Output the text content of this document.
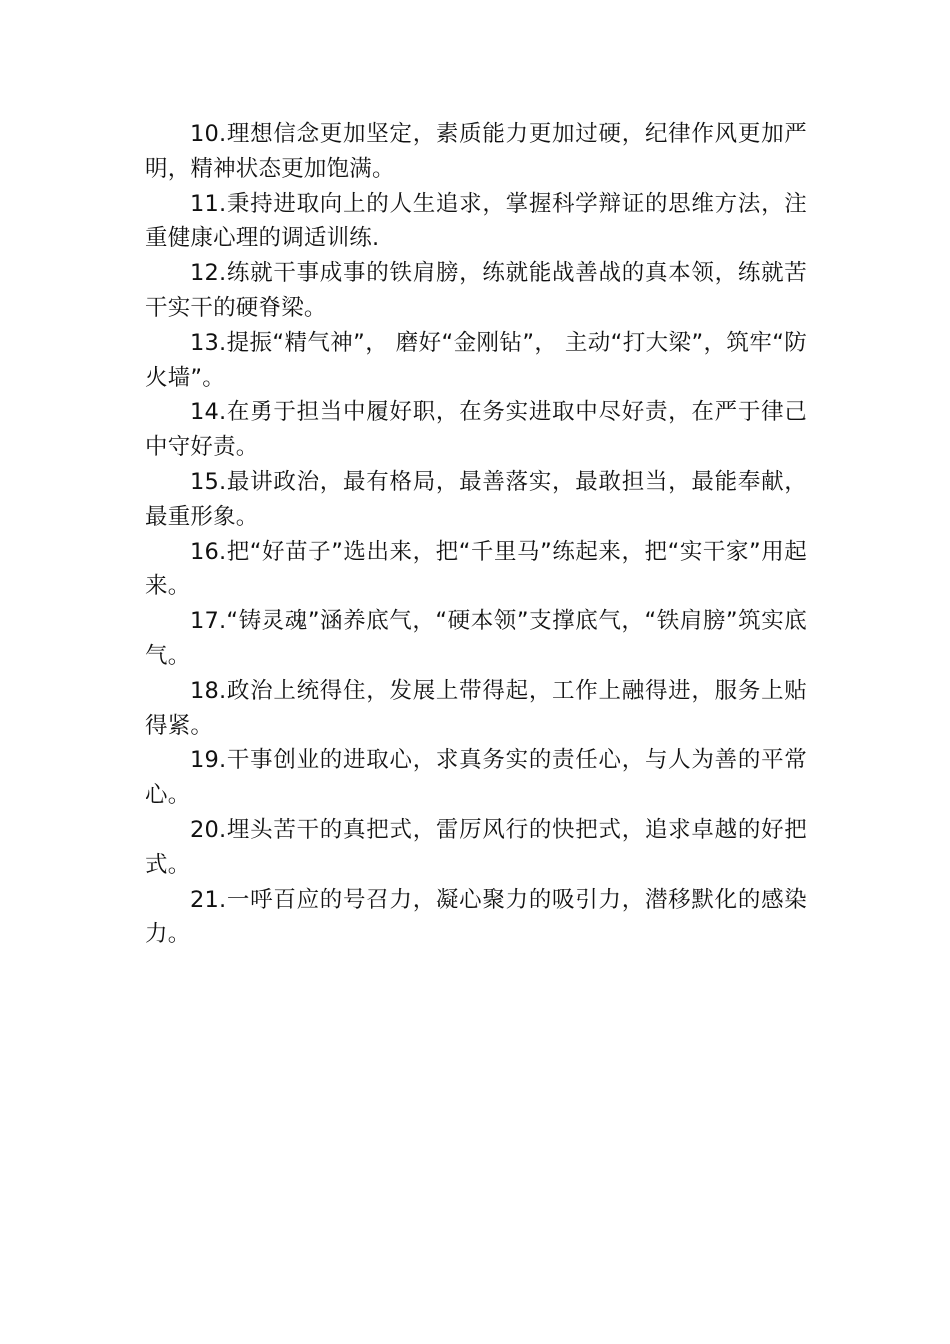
10.理想信念更加坚定，素质能力更加过硬，纪律作风更加严明，精神状态更加饱满。

11.秉持进取向上的人生追求，掌握科学辩证的思维方法，注重健康心理的调适训练.

12.练就干事成事的铁肩膀，练就能战善战的真本领，练就苦干实干的硬脊梁。

13.提振“精气神”， 磨好“金刚钻”， 主动“打大梁”，筑牢“防火墙”。

14.在勇于担当中履好职，在务实进取中尽好责，在严于律己中守好责。

15.最讲政治，最有格局，最善落实，最敢担当，最能奉献，最重形象。

16.把“好苗子”选出来，把“千里马”练起来，把“实干家”用起来。

17.“铸灵魂”涵养底气，“硬本领”支撑底气，“铁肩膀”筑实底气。

18.政治上统得住，发展上带得起，工作上融得进，服务上贴得紧。

19.干事创业的进取心，求真务实的责任心，与人为善的平常心。

20.埋头苦干的真把式，雷厉风行的快把式，追求卓越的好把式。

21.一呼百应的号召力，凝心聚力的吸引力，潜移默化的感染力。
